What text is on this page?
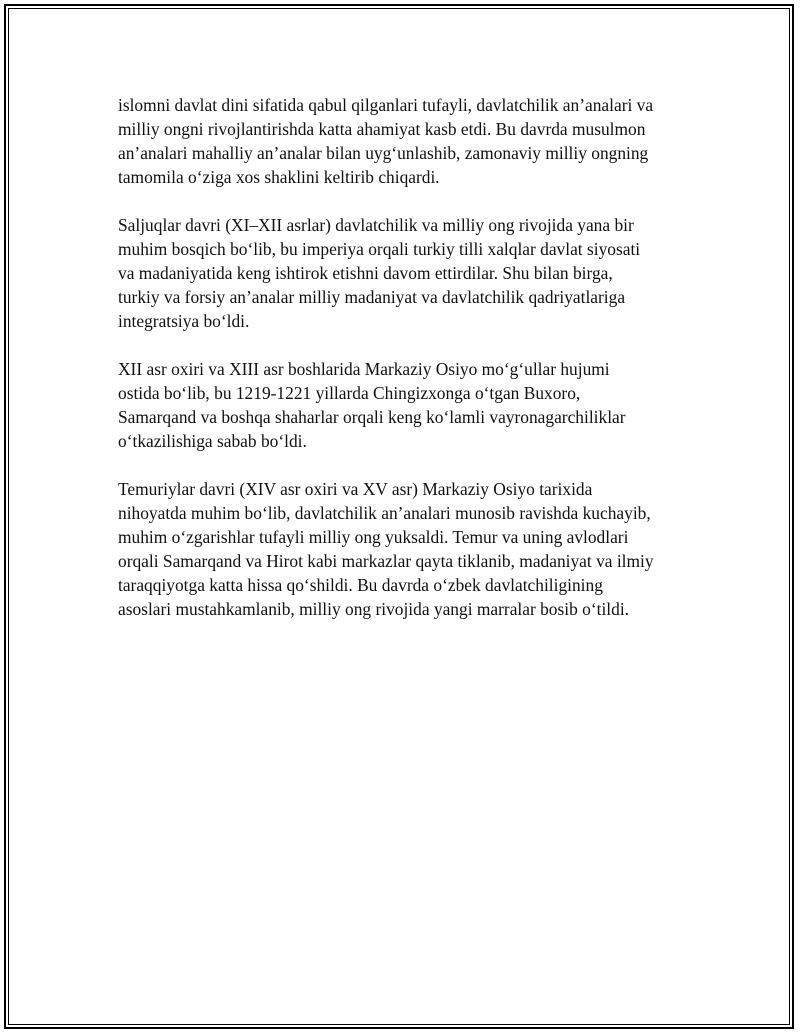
islomni davlat dini sifatida qabul qilganlari tufayli, davlatchilik an’analari va
milliy ongni rivojlantirishda katta ahamiyat kasb etdi. Bu davrda musulmon
an’analari mahalliy an’analar bilan uyg‘unlashib, zamonaviy milliy ongning
tamomila o‘ziga xos shaklini keltirib chiqardi.

Saljuqlar davri (XI–XII asrlar) davlatchilik va milliy ong rivojida yana bir
muhim bosqich bo‘lib, bu imperiya orqali turkiy tilli xalqlar davlat siyosati
va madaniyatida keng ishtirok etishni davom ettirdilar. Shu bilan birga,
turkiy va forsiy an’analar milliy madaniyat va davlatchilik qadriyatlariga
integratsiya bo‘ldi.

XII asr oxiri va XIII asr boshlarida Markaziy Osiyo mo‘g‘ullar hujumi
ostida bo‘lib, bu 1219-1221 yillarda Chingizxonga o‘tgan Buxoro,
Samarqand va boshqa shaharlar orqali keng ko‘lamli vayronagarchiliklar
o‘tkazilishiga sabab bo‘ldi.

Temuriylar davri (XIV asr oxiri va XV asr) Markaziy Osiyo tarixida
nihoyatda muhim bo‘lib, davlatchilik an’analari munosib ravishda kuchayib,
muhim o‘zgarishlar tufayli milliy ong yuksaldi. Temur va uning avlodlari
orqali Samarqand va Hirot kabi markazlar qayta tiklanib, madaniyat va ilmiy
taraqqiyotga katta hissa qo‘shildi. Bu davrda o‘zbek davlatchiligining
asoslari mustahkamlanib, milliy ong rivojida yangi marralar bosib o‘tildi.
